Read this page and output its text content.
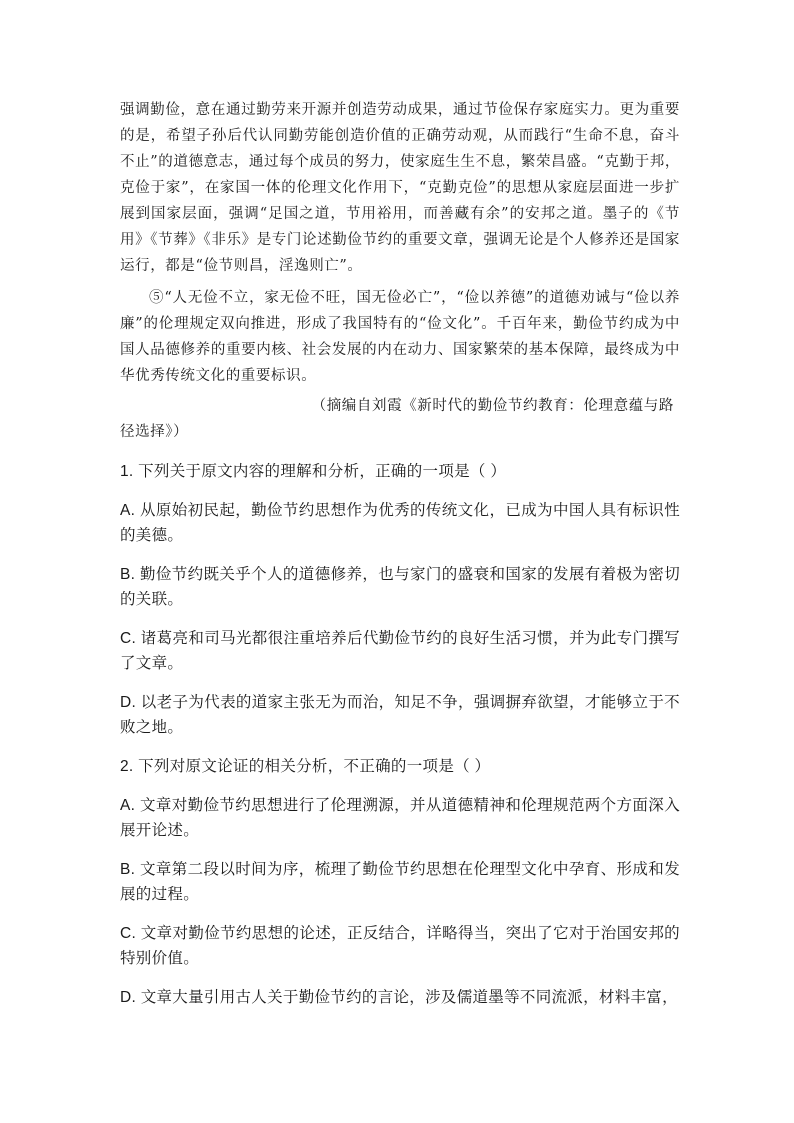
强调勤俭，意在通过勤劳来开源并创造劳动成果，通过节俭保存家庭实力。更为重要的是，希望子孙后代认同勤劳能创造价值的正确劳动观，从而践行“生命不息，奋斗不止”的道德意志，通过每个成员的努力，使家庭生生不息，繁荣昌盛。“克勤于邦，克俭于家”，在家国一体的伦理文化作用下，“克勤克俭”的思想从家庭层面进一步扩展到国家层面，强调“足国之道，节用裕用，而善藏有余”的安邦之道。墨子的《节用》《节葬》《非乐》是专门论述勤俭节约的重要文章，强调无论是个人修养还是国家运行，都是“俭节则昌，淫逸则亡”。

⑤“人无俭不立，家无俭不旺，国无俭必亡”，“俭以养德”的道德劝诫与“俭以养廉”的伦理规定双向推进，形成了我国特有的“俭文化”。千百年来，勤俭节约成为中国人品德修养的重要内核、社会发展的内在动力、国家繁荣的基本保障，最终成为中华优秀传统文化的重要标识。

（摘编自刘霞《新时代的勤俭节约教育：伦理意蕴与路
径选择》）

1. 下列关于原文内容的理解和分析，正确的一项是（ ）

A. 从原始初民起，勤俭节约思想作为优秀的传统文化，已成为中国人具有标识性的美德。

B. 勤俭节约既关乎个人的道德修养，也与家门的盛衰和国家的发展有着极为密切的关联。

C. 诸葛亮和司马光都很注重培养后代勤俭节约的良好生活习惯，并为此专门撰写了文章。

D. 以老子为代表的道家主张无为而治，知足不争，强调摒弃欲望，才能够立于不败之地。

2. 下列对原文论证的相关分析，不正确的一项是（ ）

A. 文章对勤俭节约思想进行了伦理溯源，并从道德精神和伦理规范两个方面深入展开论述。

B. 文章第二段以时间为序，梳理了勤俭节约思想在伦理型文化中孕育、形成和发展的过程。

C. 文章对勤俭节约思想的论述，正反结合，详略得当，突出了它对于治国安邦的特别价值。

D. 文章大量引用古人关于勤俭节约的言论，涉及儒道墨等不同流派，材料丰富，
